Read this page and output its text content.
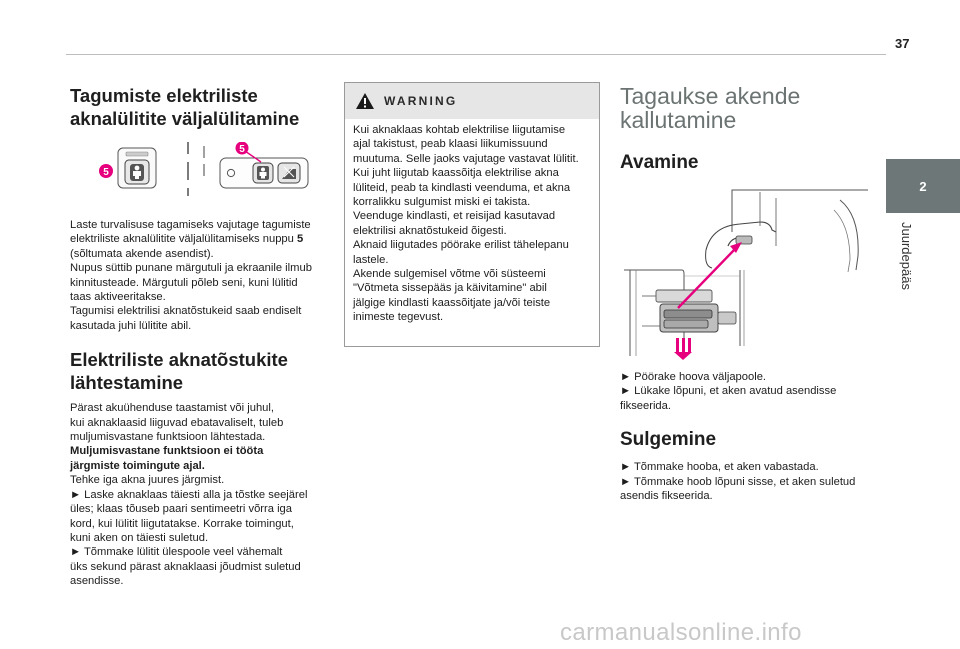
37
2
Juurdepääs
Tagumiste elektriliste
aknalülitite väljalülitamine
5
5

Laste turvalisuse tagamiseks vajutage tagumiste
elektriliste aknalülitite väljalülitamiseks nuppu 5
(sõltumata akende asendist).
Nupus süttib punane märgutuli ja ekraanile ilmub
kinnitusteade. Märgutuli põleb seni, kuni lülitid
taas aktiveeritakse.
Tagumisi elektrilisi aknatõstukeid saab endiselt
kasutada juhi lülitite abil.

Elektriliste aknatõstukite
lähtestamine

Pärast akuühenduse taastamist või juhul,
kui aknaklaasid liiguvad ebatavaliselt, tuleb
muljumisvastane funktsioon lähtestada.
Muljumisvastane funktsioon ei tööta
järgmiste toimingute ajal.
Tehke iga akna juures järgmist.
► Laske aknaklaas täiesti alla ja tõstke seejärel
üles; klaas tõuseb paari sentimeetri võrra iga
kord, kui lülitit liigutatakse. Korrake toimingut,
kuni aken on täiesti suletud.
► Tõmmake lülitit ülespoole veel vähemalt
üks sekund pärast aknaklaasi jõudmist suletud
asendisse.

WARNING

Kui aknaklaas kohtab elektrilise liigutamise
ajal takistust, peab klaasi liikumissuund
muutuma. Selle jaoks vajutage vastavat lülitit.
Kui juht liigutab kaassõitja elektrilise akna
lüliteid, peab ta kindlasti veenduma, et akna
korralikku sulgumist miski ei takista.
Veenduge kindlasti, et reisijad kasutavad
elektrilisi aknatõstukeid õigesti.
Aknaid liigutades pöörake erilist tähelepanu
lastele.
Akende sulgemisel võtme või süsteemi
"Võtmeta sissepääs ja käivitamine" abil
jälgige kindlasti kaassõitjate ja/või teiste
inimeste tegevust.

Tagaukse akende
kallutamine
Avamine

► Pöörake hoova väljapoole.
► Lükake lõpuni, et aken avatud asendisse
fikseerida.

Sulgemine

► Tõmmake hooba, et aken vabastada.
► Tõmmake hoob lõpuni sisse, et aken suletud
asendis fikseerida.

carmanualsonline.info
